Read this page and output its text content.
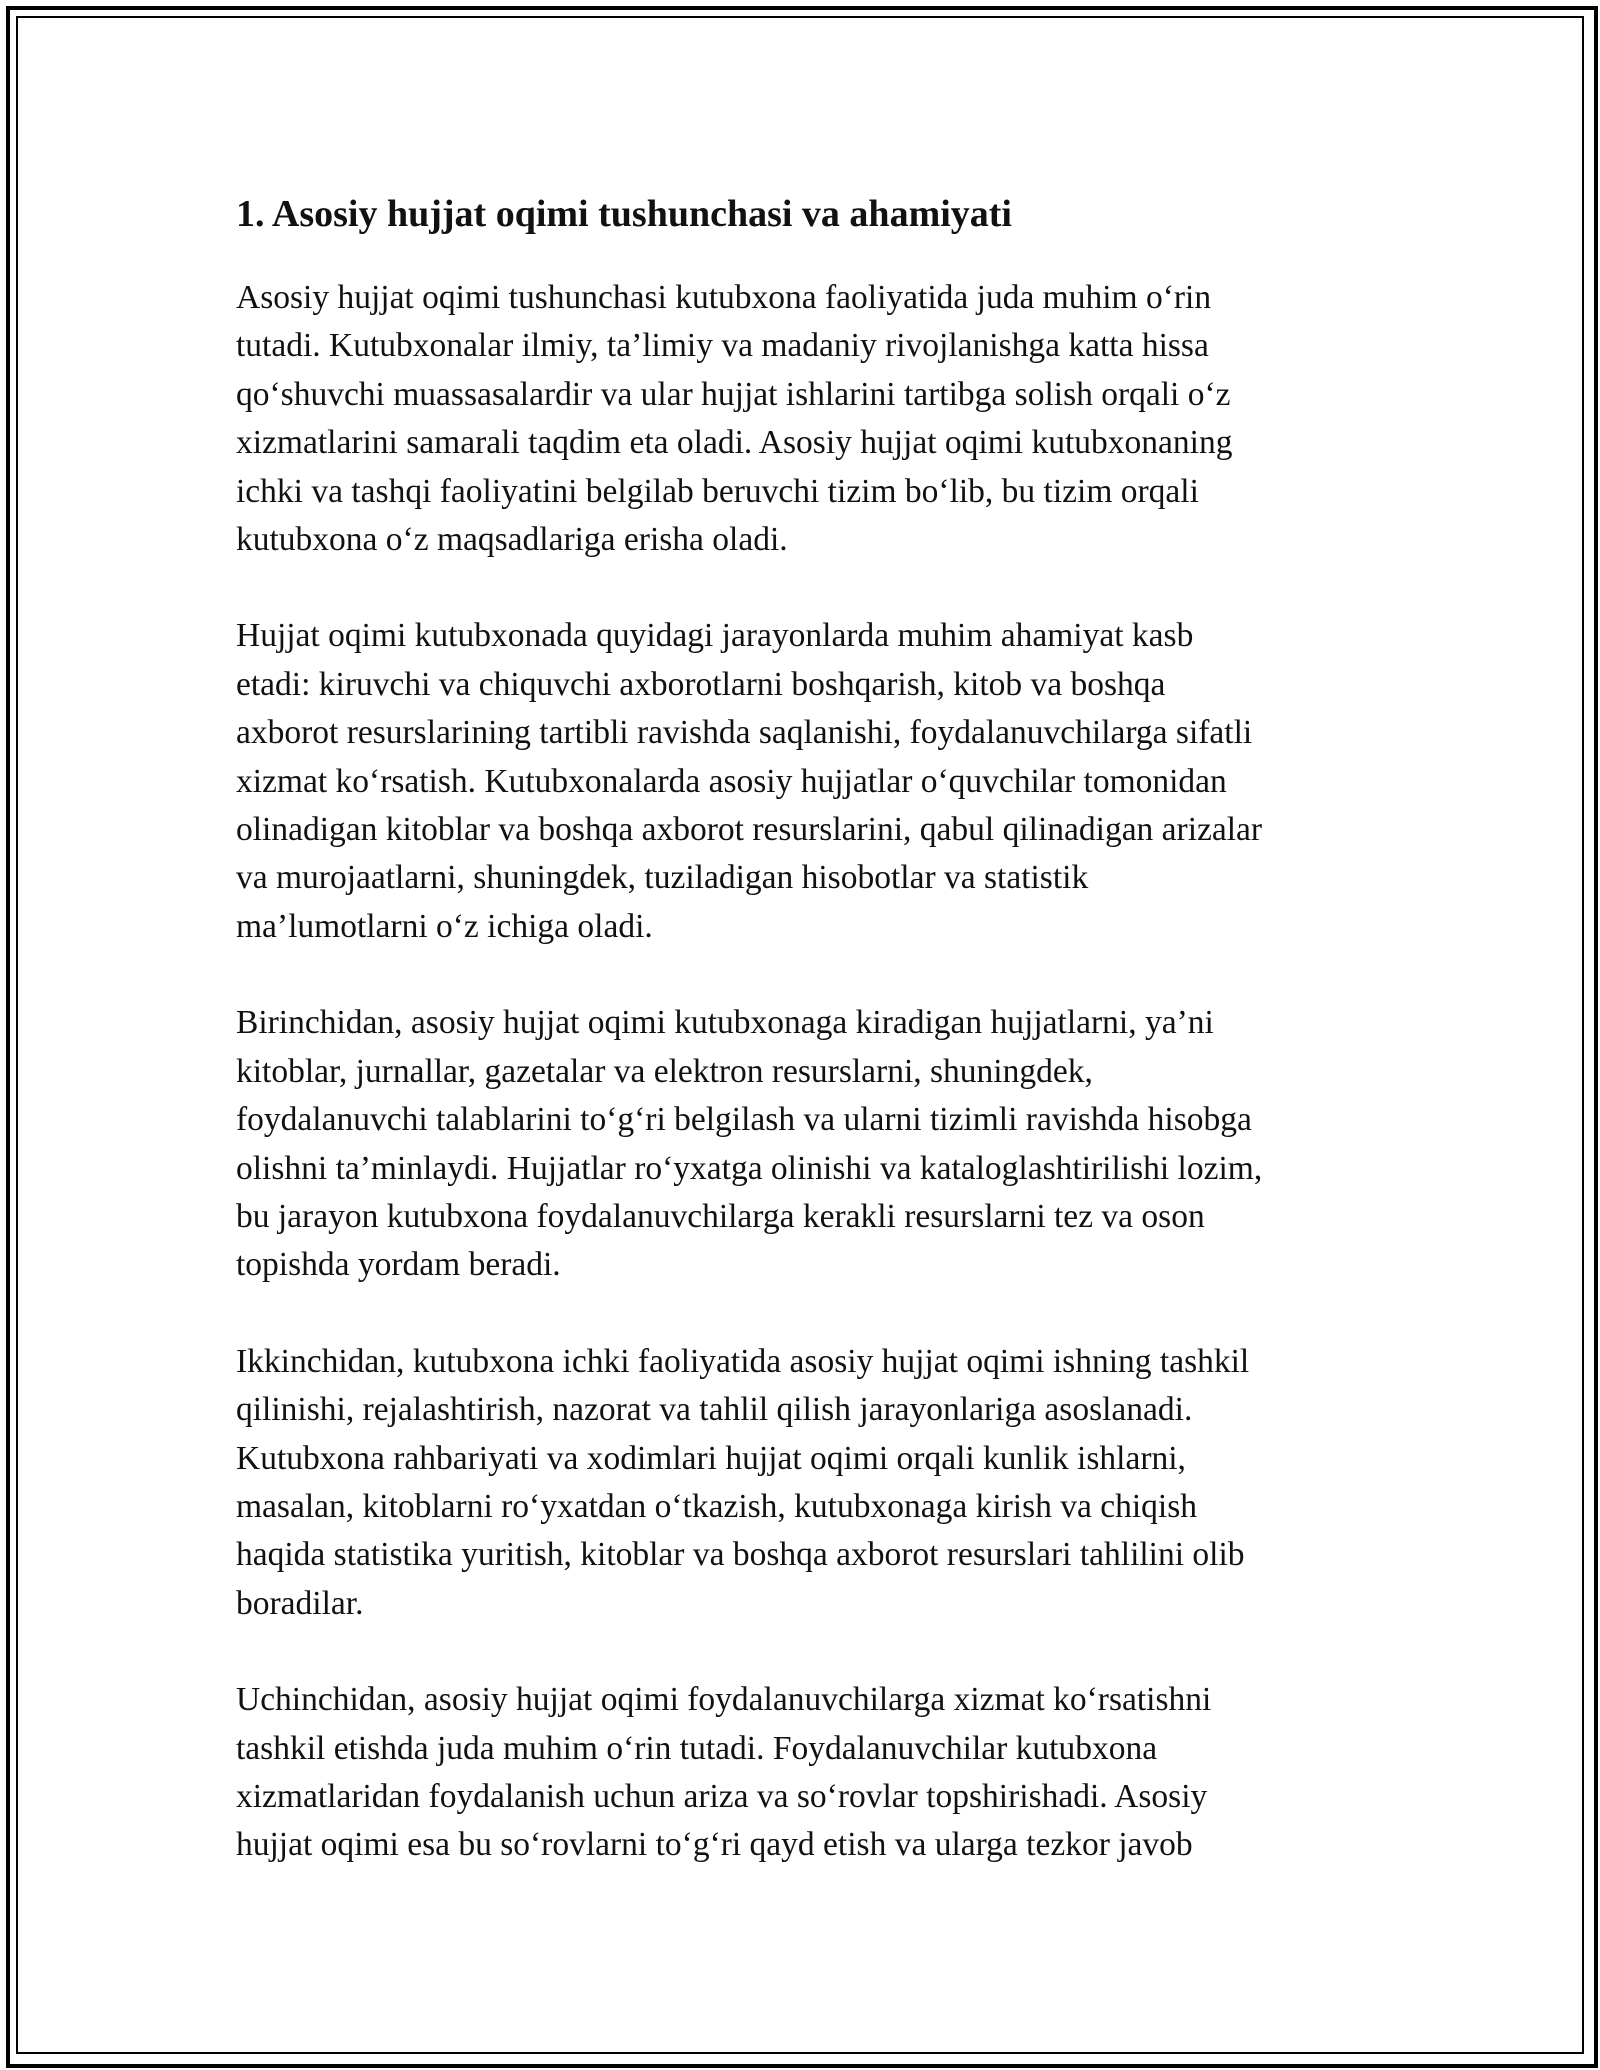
1. Asosiy hujjat oqimi tushunchasi va ahamiyati
Asosiy hujjat oqimi tushunchasi kutubxona faoliyatida juda muhim o‘rin
tutadi. Kutubxonalar ilmiy, ta’limiy va madaniy rivojlanishga katta hissa
qo‘shuvchi muassasalardir va ular hujjat ishlarini tartibga solish orqali o‘z
xizmatlarini samarali taqdim eta oladi. Asosiy hujjat oqimi kutubxonaning
ichki va tashqi faoliyatini belgilab beruvchi tizim bo‘lib, bu tizim orqali
kutubxona o‘z maqsadlariga erisha oladi.
Hujjat oqimi kutubxonada quyidagi jarayonlarda muhim ahamiyat kasb
etadi: kiruvchi va chiquvchi axborotlarni boshqarish, kitob va boshqa
axborot resurslarining tartibli ravishda saqlanishi, foydalanuvchilarga sifatli
xizmat ko‘rsatish. Kutubxonalarda asosiy hujjatlar o‘quvchilar tomonidan
olinadigan kitoblar va boshqa axborot resurslarini, qabul qilinadigan arizalar
va murojaatlarni, shuningdek, tuziladigan hisobotlar va statistik
ma’lumotlarni o‘z ichiga oladi.
Birinchidan, asosiy hujjat oqimi kutubxonaga kiradigan hujjatlarni, ya’ni
kitoblar, jurnallar, gazetalar va elektron resurslarni, shuningdek,
foydalanuvchi talablarini to‘g‘ri belgilash va ularni tizimli ravishda hisobga
olishni ta’minlaydi. Hujjatlar ro‘yxatga olinishi va kataloglashtirilishi lozim,
bu jarayon kutubxona foydalanuvchilarga kerakli resurslarni tez va oson
topishda yordam beradi.
Ikkinchidan, kutubxona ichki faoliyatida asosiy hujjat oqimi ishning tashkil
qilinishi, rejalashtirish, nazorat va tahlil qilish jarayonlariga asoslanadi.
Kutubxona rahbariyati va xodimlari hujjat oqimi orqali kunlik ishlarni,
masalan, kitoblarni ro‘yxatdan o‘tkazish, kutubxonaga kirish va chiqish
haqida statistika yuritish, kitoblar va boshqa axborot resurslari tahlilini olib
boradilar.
Uchinchidan, asosiy hujjat oqimi foydalanuvchilarga xizmat ko‘rsatishni
tashkil etishda juda muhim o‘rin tutadi. Foydalanuvchilar kutubxona
xizmatlaridan foydalanish uchun ariza va so‘rovlar topshirishadi. Asosiy
hujjat oqimi esa bu so‘rovlarni to‘g‘ri qayd etish va ularga tezkor javob
